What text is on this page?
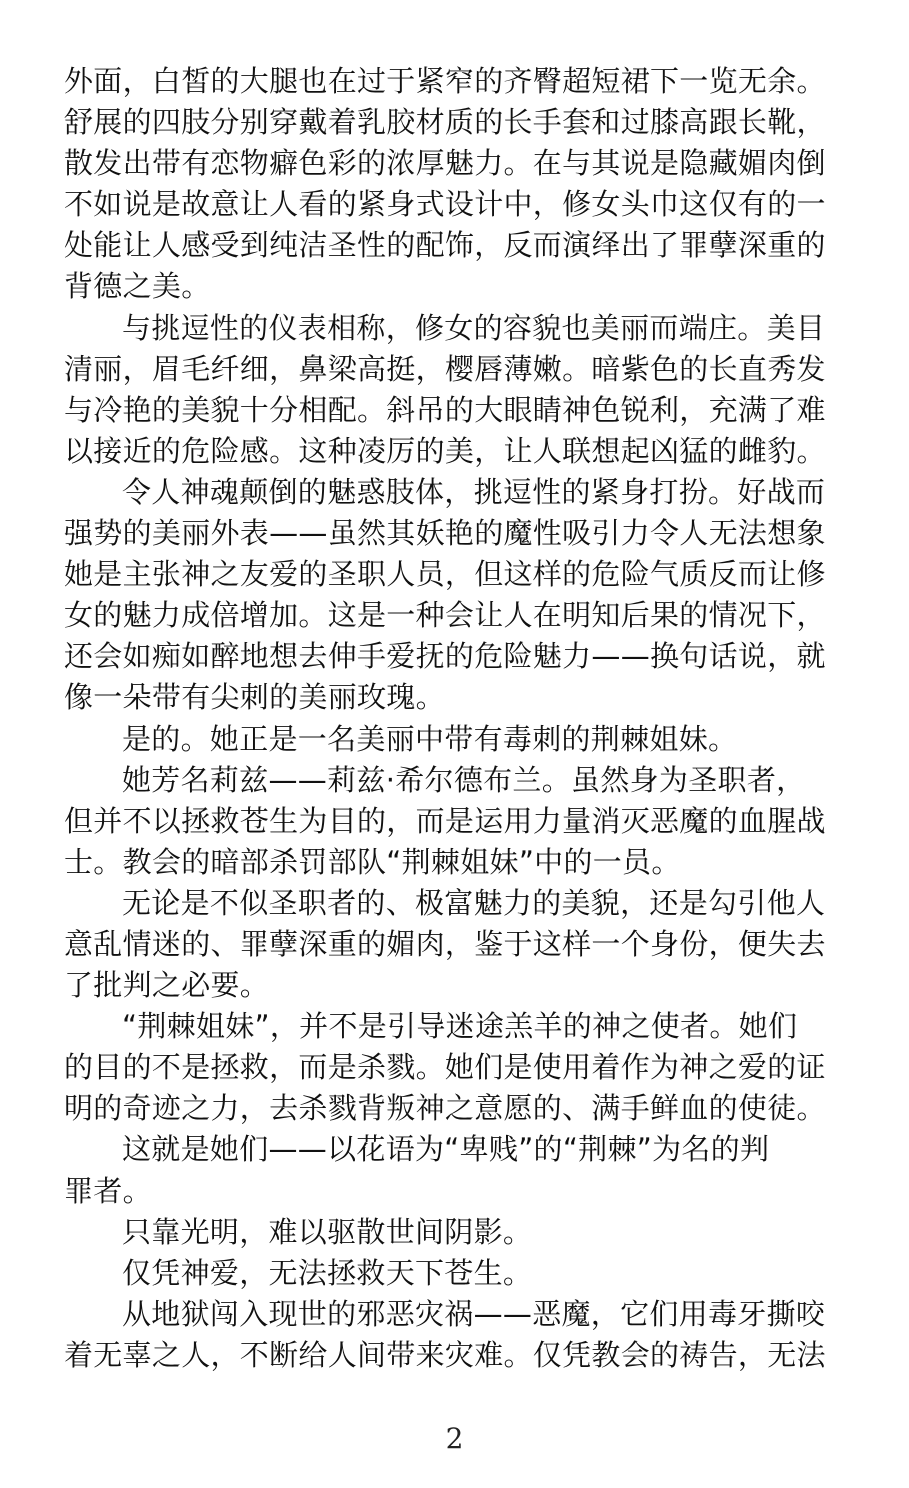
外面，白皙的大腿也在过于紧窄的齐臀超短裙下一览无余。
舒展的四肢分别穿戴着乳胶材质的长手套和过膝高跟长靴，
散发出带有恋物癖色彩的浓厚魅力。在与其说是隐藏媚肉倒
不如说是故意让人看的紧身式设计中，修女头巾这仅有的一
处能让人感受到纯洁圣性的配饰，反而演绎出了罪孽深重的
背德之美。
与挑逗性的仪表相称，修女的容貌也美丽而端庄。美目
清丽，眉毛纤细，鼻梁高挺，樱唇薄嫩。暗紫色的长直秀发
与冷艳的美貌十分相配。斜吊的大眼睛神色锐利，充满了难
以接近的危险感。这种凌厉的美，让人联想起凶猛的雌豹。
令人神魂颠倒的魅惑肢体，挑逗性的紧身打扮。好战而
强势的美丽外表——虽然其妖艳的魔性吸引力令人无法想象
她是主张神之友爱的圣职人员，但这样的危险气质反而让修
女的魅力成倍增加。这是一种会让人在明知后果的情况下，
还会如痴如醉地想去伸手爱抚的危险魅力——换句话说，就
像一朵带有尖刺的美丽玫瑰。
是的。她正是一名美丽中带有毒刺的荆棘姐妹。
她芳名莉兹——莉兹·希尔德布兰。虽然身为圣职者，
但并不以拯救苍生为目的，而是运用力量消灭恶魔的血腥战
士。教会的暗部杀罚部队“荆棘姐妹”中的一员。
无论是不似圣职者的、极富魅力的美貌，还是勾引他人
意乱情迷的、罪孽深重的媚肉，鉴于这样一个身份，便失去
了批判之必要。
“荆棘姐妹”，并不是引导迷途羔羊的神之使者。她们
的目的不是拯救，而是杀戮。她们是使用着作为神之爱的证
明的奇迹之力，去杀戮背叛神之意愿的、满手鲜血的使徒。
这就是她们——以花语为“卑贱”的“荆棘”为名的判
罪者。
只靠光明，难以驱散世间阴影。
仅凭神爱，无法拯救天下苍生。
从地狱闯入现世的邪恶灾祸——恶魔，它们用毒牙撕咬
着无辜之人，不断给人间带来灾难。仅凭教会的祷告，无法
2
